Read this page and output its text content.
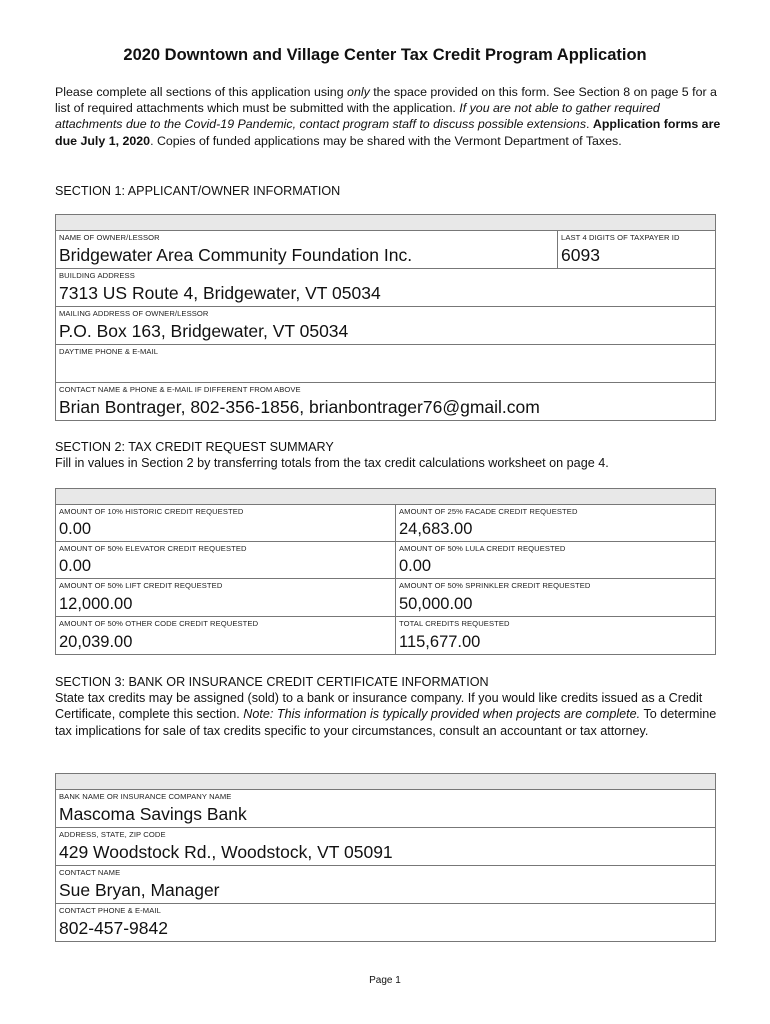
2020 Downtown and Village Center Tax Credit Program Application
Please complete all sections of this application using only the space provided on this form. See Section 8 on page 5 for a list of required attachments which must be submitted with the application. If you are not able to gather required attachments due to the Covid-19 Pandemic, contact program staff to discuss possible extensions. Application forms are due July 1, 2020. Copies of funded applications may be shared with the Vermont Department of Taxes.
SECTION 1: APPLICANT/OWNER INFORMATION
NAME OF OWNER/LESSOR
Bridgewater Area Community Foundation Inc.
LAST 4 DIGITS OF TAXPAYER ID
6093
BUILDING ADDRESS
7313 US Route 4, Bridgewater, VT 05034
MAILING ADDRESS OF OWNER/LESSOR
P.O. Box 163, Bridgewater, VT 05034
DAYTIME PHONE & E-MAIL
CONTACT NAME & PHONE & E-MAIL IF DIFFERENT FROM ABOVE
Brian Bontrager, 802-356-1856, brianbontrager76@gmail.com
SECTION 2: TAX CREDIT REQUEST SUMMARY
Fill in values in Section 2 by transferring totals from the tax credit calculations worksheet on page 4.
AMOUNT OF 10% HISTORIC CREDIT REQUESTED
0.00
AMOUNT OF 25% FACADE CREDIT REQUESTED
24,683.00
AMOUNT OF 50% ELEVATOR CREDIT REQUESTED
0.00
AMOUNT OF 50% LULA CREDIT REQUESTED
0.00
AMOUNT OF 50% LIFT CREDIT REQUESTED
12,000.00
AMOUNT OF 50% SPRINKLER CREDIT REQUESTED
50,000.00
AMOUNT OF 50% OTHER CODE CREDIT REQUESTED
20,039.00
TOTAL CREDITS REQUESTED
115,677.00
SECTION 3: BANK OR INSURANCE CREDIT CERTIFICATE INFORMATION
State tax credits may be assigned (sold) to a bank or insurance company. If you would like credits issued as a Credit Certificate, complete this section. Note: This information is typically provided when projects are complete. To determine tax implications for sale of tax credits specific to your circumstances, consult an accountant or tax attorney.
BANK NAME OR INSURANCE COMPANY NAME
Mascoma Savings Bank
ADDRESS, STATE, ZIP CODE
429 Woodstock Rd., Woodstock, VT 05091
CONTACT NAME
Sue Bryan, Manager
CONTACT PHONE & E-MAIL
802-457-9842
Page 1
